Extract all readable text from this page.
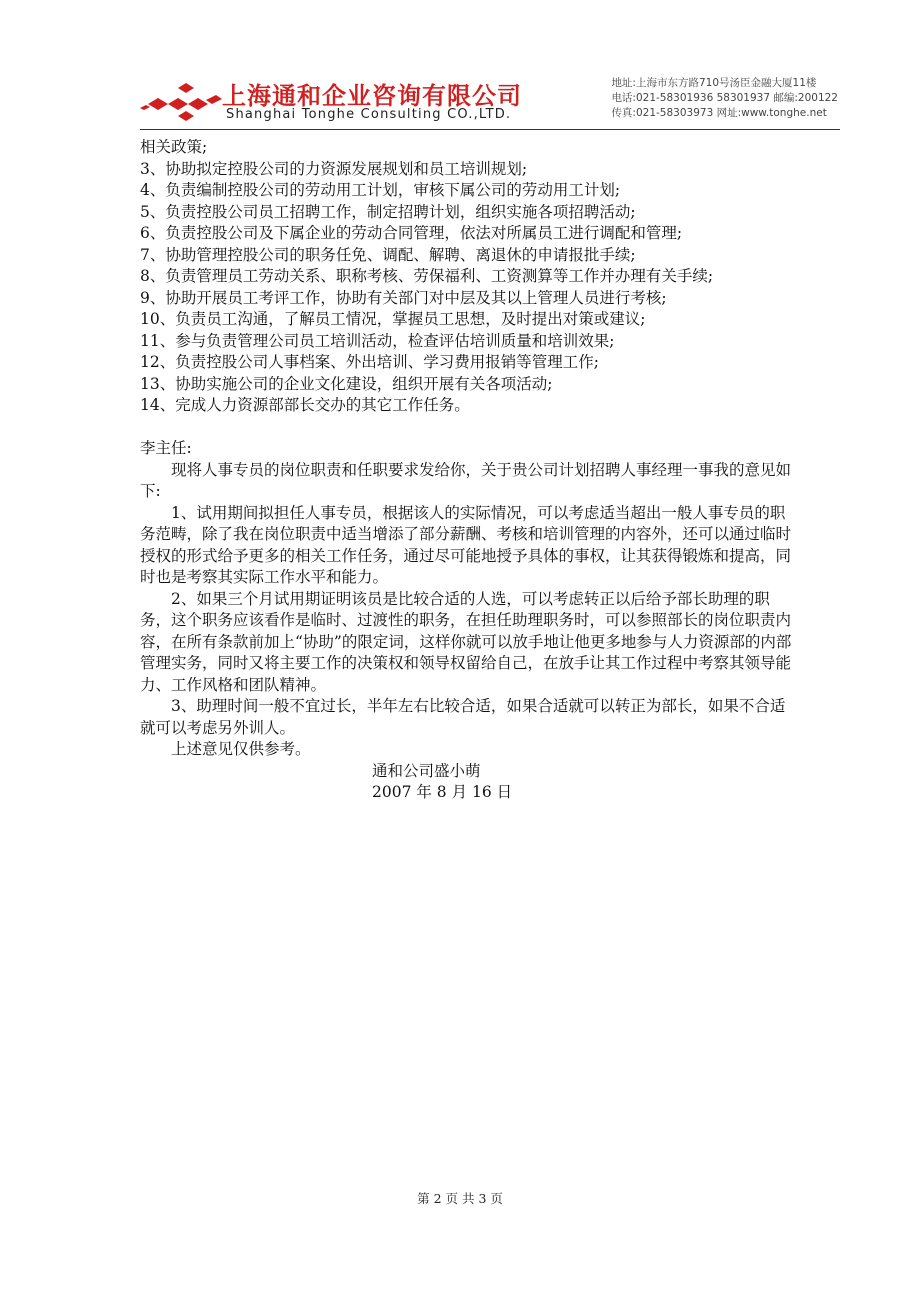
上海通和企业咨询有限公司
Shanghai Tonghe Consulting CO.,LTD.
地址:上海市东方路710号汤臣金融大厦11楼
电话:021-58301936 58301937 邮编:200122
传真:021-58303973 网址:www.tonghe.net

相关政策;

3、协助拟定控股公司的力资源发展规划和员工培训规划;

4、负责编制控股公司的劳动用工计划，审核下属公司的劳动用工计划;

5、负责控股公司员工招聘工作，制定招聘计划，组织实施各项招聘活动;

6、负责控股公司及下属企业的劳动合同管理，依法对所属员工进行调配和管理;

7、协助管理控股公司的职务任免、调配、解聘、离退休的申请报批手续;

8、负责管理员工劳动关系、职称考核、劳保福利、工资测算等工作并办理有关手续;

9、协助开展员工考评工作，协助有关部门对中层及其以上管理人员进行考核;

10、负责员工沟通，了解员工情况，掌握员工思想，及时提出对策或建议;

11、参与负责管理公司员工培训活动，检查评估培训质量和培训效果;

12、负责控股公司人事档案、外出培训、学习费用报销等管理工作;

13、协助实施公司的企业文化建设，组织开展有关各项活动;

14、完成人力资源部部长交办的其它工作任务。

李主任:

现将人事专员的岗位职责和任职要求发给你，关于贵公司计划招聘人事经理一事我的意见如下:

1、试用期间拟担任人事专员，根据该人的实际情况，可以考虑适当超出一般人事专员的职务范畴，除了我在岗位职责中适当增添了部分薪酬、考核和培训管理的内容外，还可以通过临时授权的形式给予更多的相关工作任务，通过尽可能地授予具体的事权，让其获得锻炼和提高，同时也是考察其实际工作水平和能力。

2、如果三个月试用期证明该员是比较合适的人选，可以考虑转正以后给予部长助理的职务，这个职务应该看作是临时、过渡性的职务，在担任助理职务时，可以参照部长的岗位职责内容，在所有条款前加上“协助”的限定词，这样你就可以放手地让他更多地参与人力资源部的内部管理实务，同时又将主要工作的决策权和领导权留给自己，在放手让其工作过程中考察其领导能力、工作风格和团队精神。

3、助理时间一般不宜过长，半年左右比较合适，如果合适就可以转正为部长，如果不合适就可以考虑另外训人。

上述意见仅供参考。

通和公司盛小萌

2007 年 8 月 16 日

第 2 页 共 3 页
